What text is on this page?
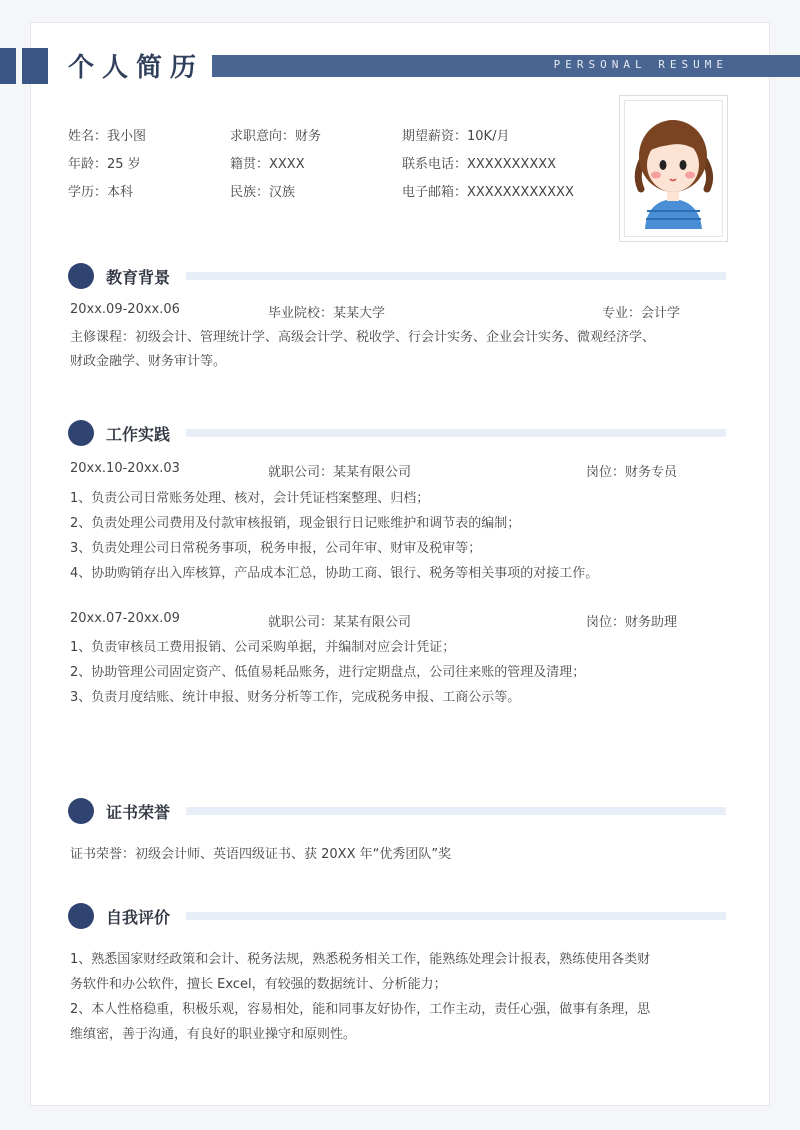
个人简历	PERSONAL RESUME
姓名：我小图	求职意向：财务	期望薪资：10K/月
年龄：25 岁	籍贯：XXXX	联系电话：XXXXXXXXXX
学历：本科	民族：汉族	电子邮箱：XXXXXXXXXXXX
教育背景
20xx.09-20xx.06	毕业院校：某某大学	专业：会计学
主修课程：初级会计、管理统计学、高级会计学、税收学、行会计实务、企业会计实务、微观经济学、
财政金融学、财务审计等。
工作实践
20xx.10-20xx.03	就职公司：某某有限公司	岗位：财务专员
1、负责公司日常账务处理、核对，会计凭证档案整理、归档；
2、负责处理公司费用及付款审核报销，现金银行日记账维护和调节表的编制；
3、负责处理公司日常税务事项，税务申报，公司年审、财审及税审等；
4、协助购销存出入库核算，产品成本汇总，协助工商、银行、税务等相关事项的对接工作。
20xx.07-20xx.09	就职公司：某某有限公司	岗位：财务助理
1、负责审核员工费用报销、公司采购单据，并编制对应会计凭证；
2、协助管理公司固定资产、低值易耗品账务，进行定期盘点，公司往来账的管理及清理；
3、负责月度结账、统计申报、财务分析等工作，完成税务申报、工商公示等。
证书荣誉
证书荣誉：初级会计师、英语四级证书、获 20XX 年“优秀团队”奖
自我评价
1、熟悉国家财经政策和会计、税务法规，熟悉税务相关工作，能熟练处理会计报表，熟练使用各类财
务软件和办公软件，擅长 Excel，有较强的数据统计、分析能力；
2、本人性格稳重，积极乐观，容易相处，能和同事友好协作，工作主动，责任心强，做事有条理，思
维缜密，善于沟通，有良好的职业操守和原则性。
